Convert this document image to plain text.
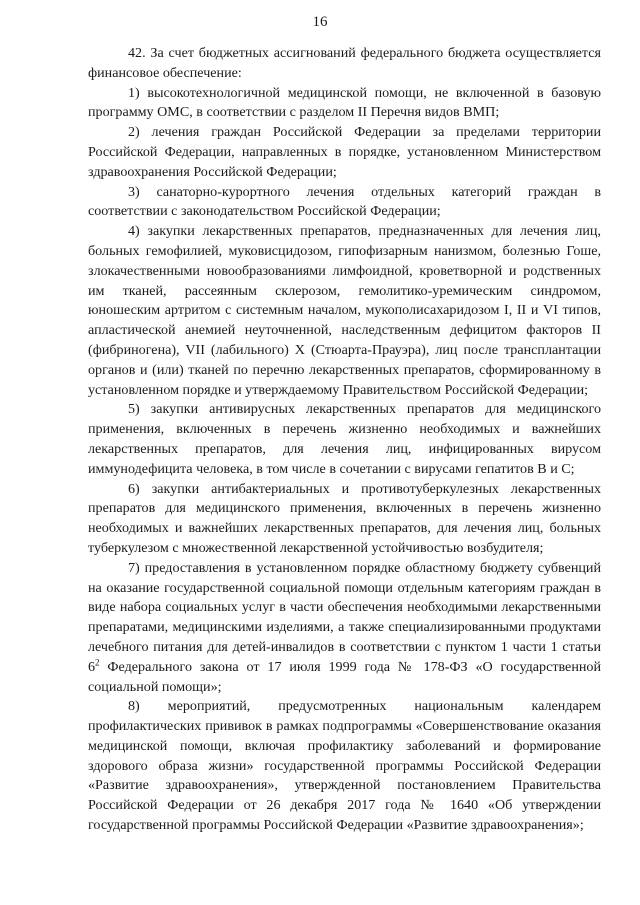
16

42. За счет бюджетных ассигнований федерального бюджета осуществляется финансовое обеспечение:

1) высокотехнологичной медицинской помощи, не включенной в базовую программу ОМС, в соответствии с разделом II Перечня видов ВМП;

2) лечения граждан Российской Федерации за пределами территории Российской Федерации, направленных в порядке, установленном Министерством здравоохранения Российской Федерации;

3) санаторно-курортного лечения отдельных категорий граждан в соответствии с законодательством Российской Федерации;

4) закупки лекарственных препаратов, предназначенных для лечения лиц, больных гемофилией, муковисцидозом, гипофизарным нанизмом, болезнью Гоше, злокачественными новообразованиями лимфоидной, кроветворной и родственных им тканей, рассеянным склерозом, гемолитико-уремическим синдромом, юношеским артритом с системным началом, мукополисахаридозом I, II и VI типов, апластической анемией неуточненной, наследственным дефицитом факторов II (фибриногена), VII (лабильного) X (Стюарта-Прауэра), лиц после трансплантации органов и (или) тканей по перечню лекарственных препаратов, сформированному в установленном порядке и утверждаемому Правительством Российской Федерации;

5) закупки антивирусных лекарственных препаратов для медицинского применения, включенных в перечень жизненно необходимых и важнейших лекарственных препаратов, для лечения лиц, инфицированных вирусом иммунодефицита человека, в том числе в сочетании с вирусами гепатитов B и C;

6) закупки антибактериальных и противотуберкулезных лекарственных препаратов для медицинского применения, включенных в перечень жизненно необходимых и важнейших лекарственных препаратов, для лечения лиц, больных туберкулезом с множественной лекарственной устойчивостью возбудителя;

7) предоставления в установленном порядке областному бюджету субвенций на оказание государственной социальной помощи отдельным категориям граждан в виде набора социальных услуг в части обеспечения необходимыми лекарственными препаратами, медицинскими изделиями, а также специализированными продуктами лечебного питания для детей-инвалидов в соответствии с пунктом 1 части 1 статьи $6^2$ Федерального закона от 17 июля 1999 года № 178-ФЗ «О государственной социальной помощи»;

8) мероприятий, предусмотренных национальным календарем профилактических прививок в рамках подпрограммы «Совершенствование оказания медицинской помощи, включая профилактику заболеваний и формирование здорового образа жизни» государственной программы Российской Федерации «Развитие здравоохранения», утвержденной постановлением Правительства Российской Федерации от 26 декабря 2017 года № 1640 «Об утверждении государственной программы Российской Федерации «Развитие здравоохранения»;
